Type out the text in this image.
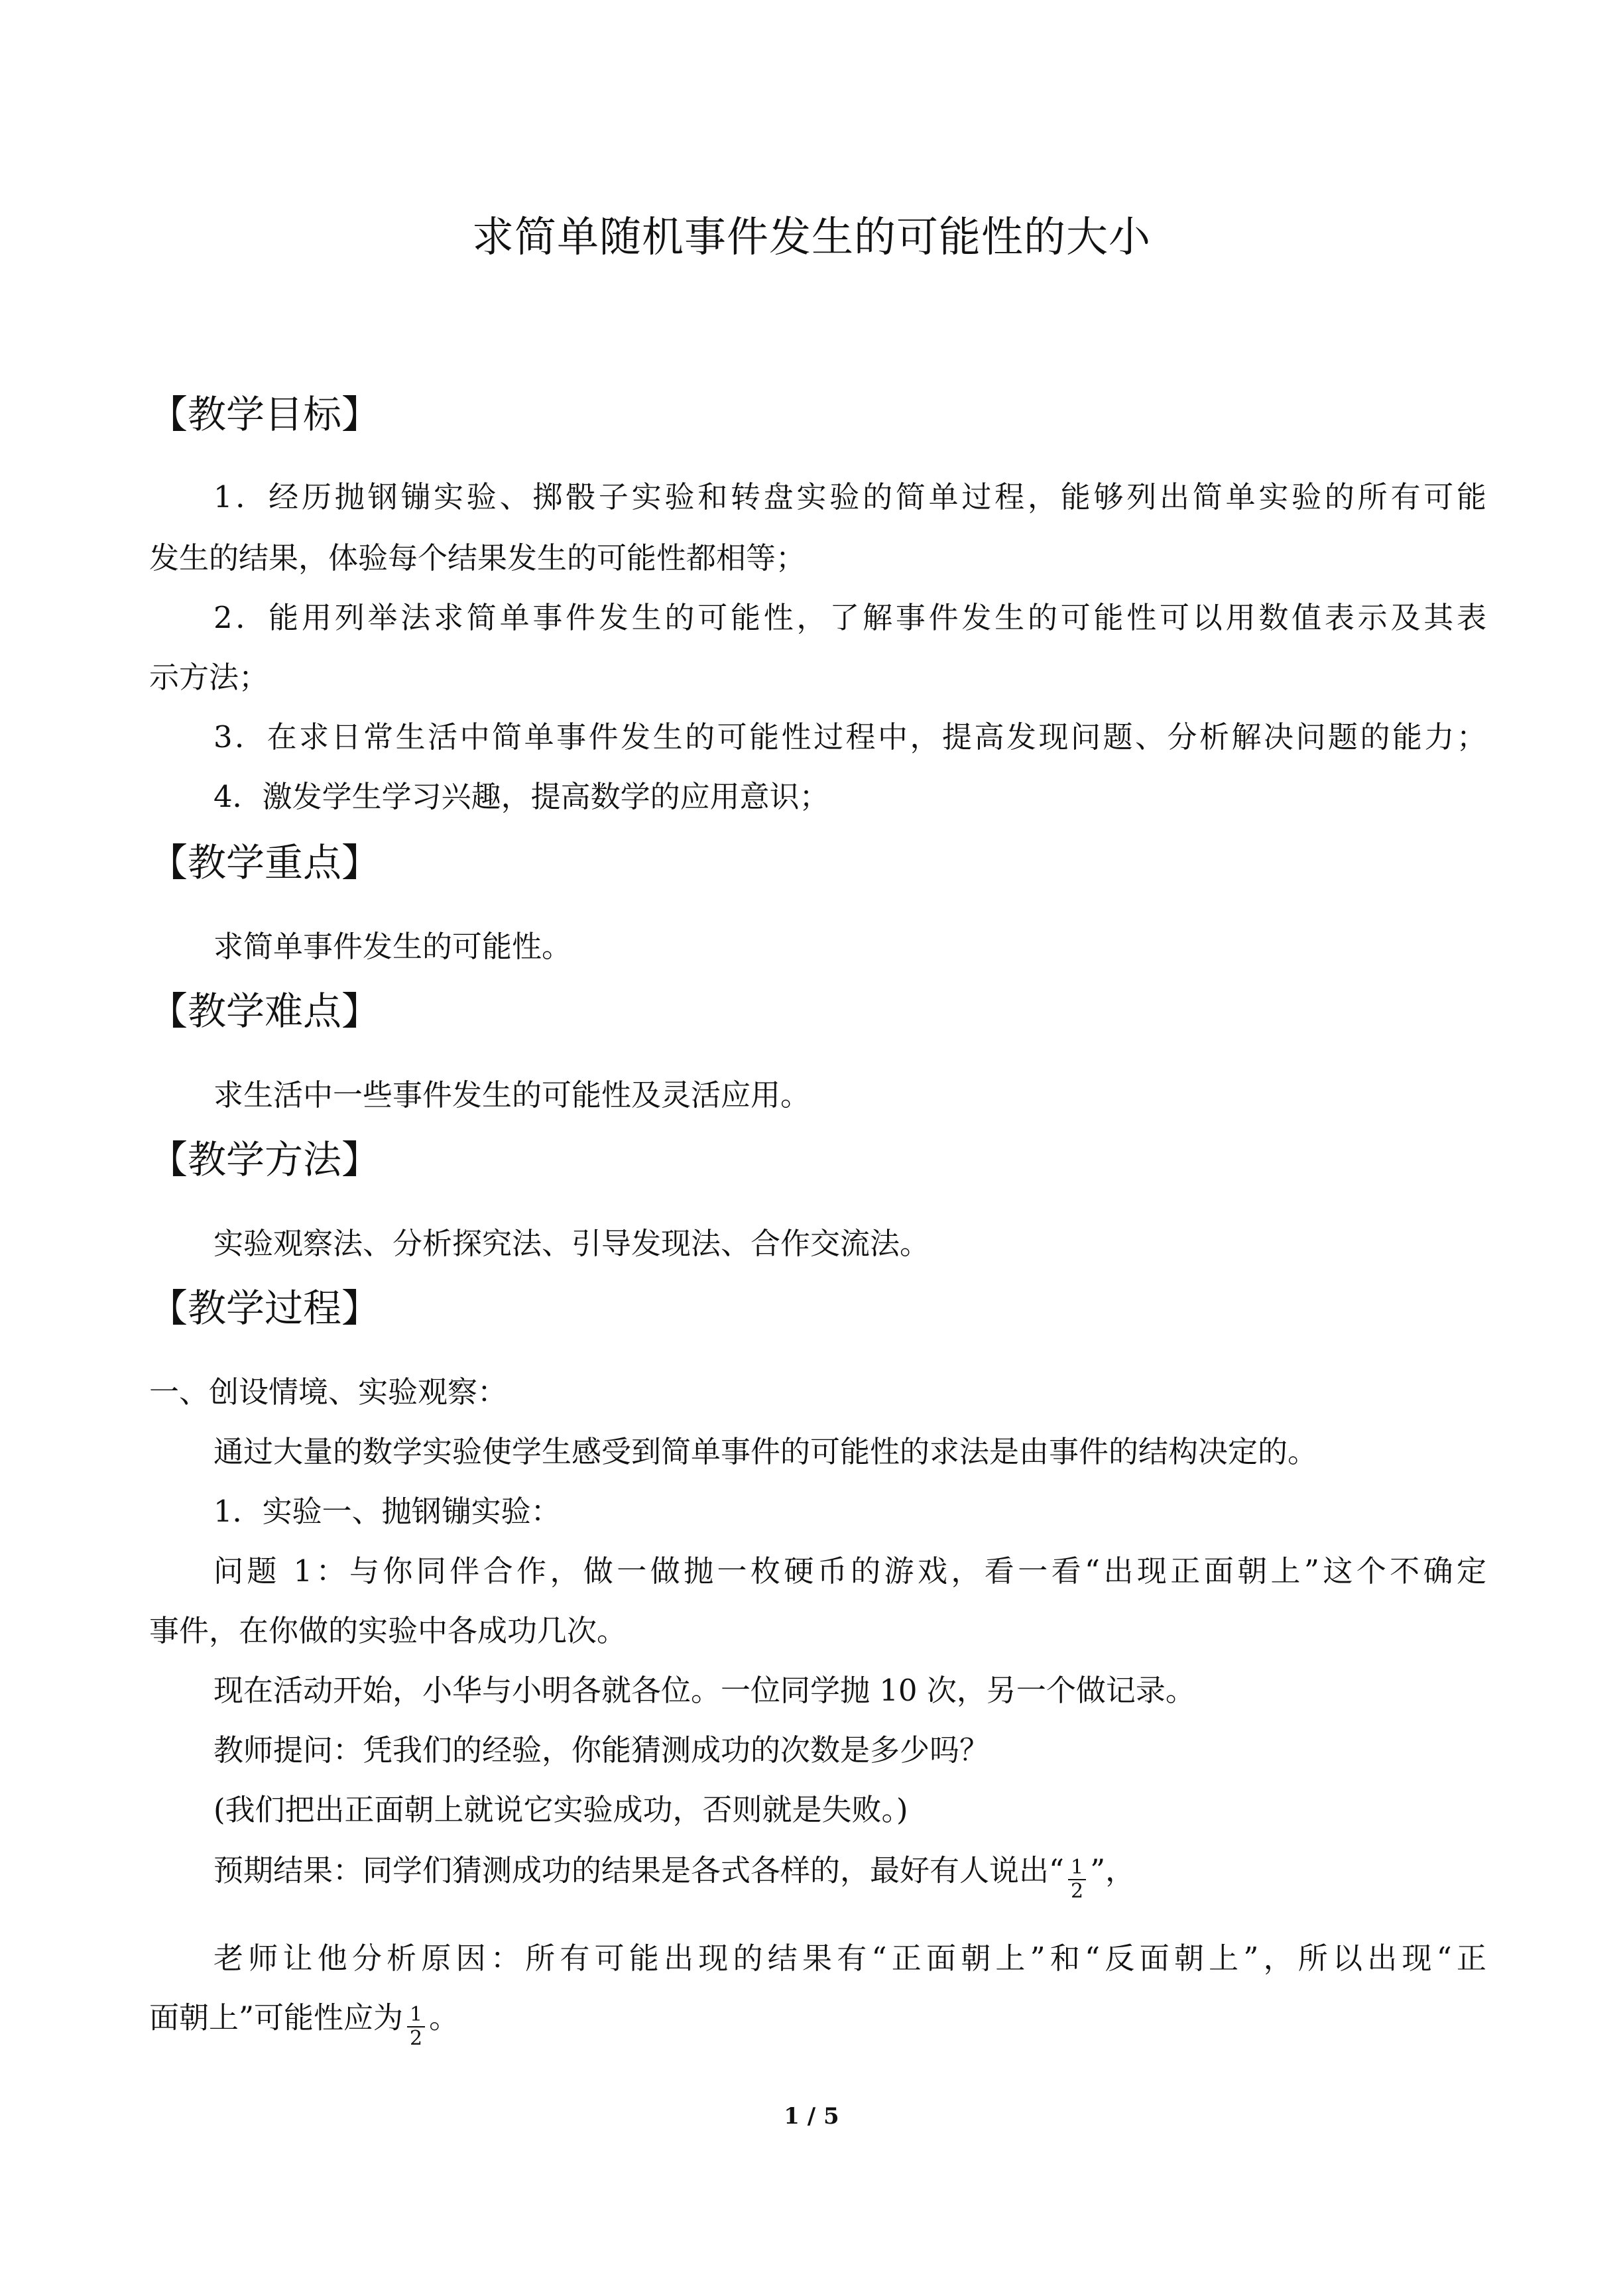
求简单随机事件发生的可能性的大小
【教学目标】

1．经历抛钢镚实验、掷骰子实验和转盘实验的简单过程，能够列出简单实验的所有可能

发生的结果，体验每个结果发生的可能性都相等；

2．能用列举法求简单事件发生的可能性，了解事件发生的可能性可以用数值表示及其表

示方法；

3．在求日常生活中简单事件发生的可能性过程中，提高发现问题、分析解决问题的能力；

4．激发学生学习兴趣，提高数学的应用意识；

【教学重点】

求简单事件发生的可能性。

【教学难点】

求生活中一些事件发生的可能性及灵活应用。

【教学方法】

实验观察法、分析探究法、引导发现法、合作交流法。

【教学过程】

一、创设情境、实验观察：

通过大量的数学实验使学生感受到简单事件的可能性的求法是由事件的结构决定的。

1．实验一、抛钢镚实验：

问题 1：与你同伴合作，做一做抛一枚硬币的游戏，看一看“出现正面朝上”这个不确定

事件，在你做的实验中各成功几次。

现在活动开始，小华与小明各就各位。一位同学抛 10 次，另一个做记录。

教师提问：凭我们的经验，你能猜测成功的次数是多少吗？

(我们把出正面朝上就说它实验成功，否则就是失败。)

预期结果：同学们猜测成功的结果是各式各样的，最好有人说出“ $\frac{1}{2}$ ”，

老师让他分析原因：所有可能出现的结果有“正面朝上”和“反面朝上”，所以出现“正

面朝上”可能性应为 $\frac{1}{2}$ 。

1 / 5
